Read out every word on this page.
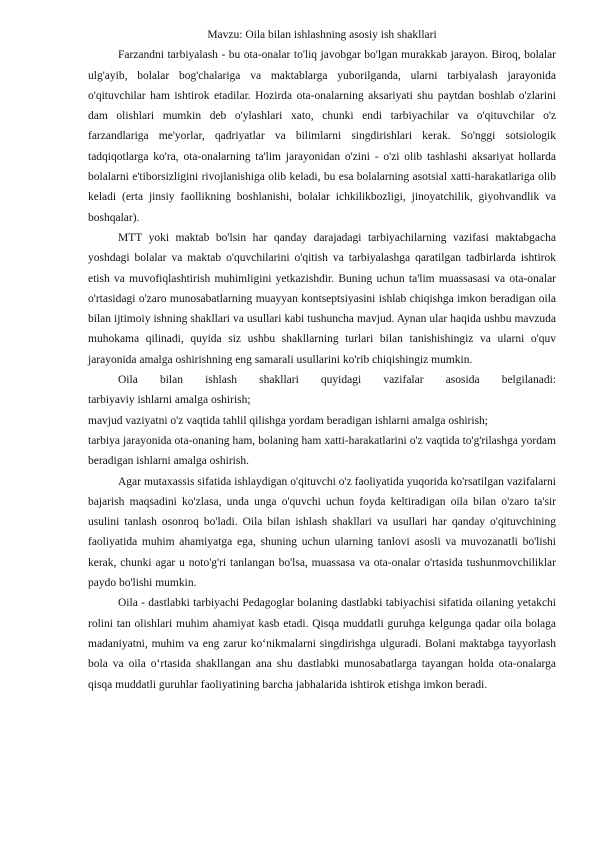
Mavzu: Oila bilan ishlashning asosiy ish shakllari

Farzandni tarbiyalash - bu ota-onalar to'liq javobgar bo'lgan murakkab jarayon. Biroq, bolalar ulg'ayib, bolalar bog'chalariga va maktablarga yuborilganda, ularni tarbiyalash jarayonida o'qituvchilar ham ishtirok etadilar. Hozirda ota-onalarning aksariyati shu paytdan boshlab o'zlarini dam olishlari mumkin deb o'ylashlari xato, chunki endi tarbiyachilar va o'qituvchilar o'z farzandlariga me'yorlar, qadriyatlar va bilimlarni singdirishlari kerak. So'nggi sotsiologik tadqiqotlarga ko'ra, ota-onalarning ta'lim jarayonidan o'zini - o'zi olib tashlashi aksariyat hollarda bolalarni e'tiborsizligini rivojlanishiga olib keladi, bu esa bolalarning asotsial xatti-harakatlariga olib keladi (erta jinsiy faollikning boshlanishi, bolalar ichkilikbozligi, jinoyatchilik, giyohvandlik va boshqalar).

MTT yoki maktab bo'lsin har qanday darajadagi tarbiyachilarning vazifasi maktabgacha yoshdagi bolalar va maktab o'quvchilarini o'qitish va tarbiyalashga qaratilgan tadbirlarda ishtirok etish va muvofiqlashtirish muhimligini yetkazishdir. Buning uchun ta'lim muassasasi va ota-onalar o'rtasidagi o'zaro munosabatlarning muayyan kontseptsiyasini ishlab chiqishga imkon beradigan oila bilan ijtimoiy ishning shakllari va usullari kabi tushuncha mavjud. Aynan ular haqida ushbu mavzuda muhokama qilinadi, quyida siz ushbu shakllarning turlari bilan tanishishingiz va ularni o'quv jarayonida amalga oshirishning eng samarali usullarini ko'rib chiqishingiz mumkin.

Oila bilan ishlash shakllari quyidagi vazifalar asosida belgilanadi:

tarbiyaviy ishlarni amalga oshirish;

mavjud vaziyatni o'z vaqtida tahlil qilishga yordam beradigan ishlarni amalga oshirish;

tarbiya jarayonida ota-onaning ham, bolaning ham xatti-harakatlarini o'z vaqtida to'g'rilashga yordam beradigan ishlarni amalga oshirish.

Agar mutaxassis sifatida ishlaydigan o'qituvchi o'z faoliyatida yuqorida ko'rsatilgan vazifalarni bajarish maqsadini ko'zlasa, unda unga o'quvchi uchun foyda keltiradigan oila bilan o'zaro ta'sir usulini tanlash osonroq bo'ladi. Oila bilan ishlash shakllari va usullari har qanday o'qituvchining faoliyatida muhim ahamiyatga ega, shuning uchun ularning tanlovi asosli va muvozanatli bo'lishi kerak, chunki agar u noto'g'ri tanlangan bo'lsa, muassasa va ota-onalar o'rtasida tushunmovchiliklar paydo bo'lishi mumkin.

Oila - dastlabki tarbiyachi Pedagoglar bolaning dastlabki tabiyachisi sifatida oilaning yetakchi rolini tan olishlari muhim ahamiyat kasb etadi. Qisqa muddatli guruhga kelgunga qadar oila bolaga madaniyatni, muhim va eng zarur ko‘nikmalarni singdirishga ulguradi. Bolani maktabga tayyorlash bola va oila o‘rtasida shakllangan ana shu dastlabki munosabatlarga tayangan holda ota-onalarga qisqa muddatli guruhlar faoliyatining barcha jabhalarida ishtirok etishga imkon beradi.
